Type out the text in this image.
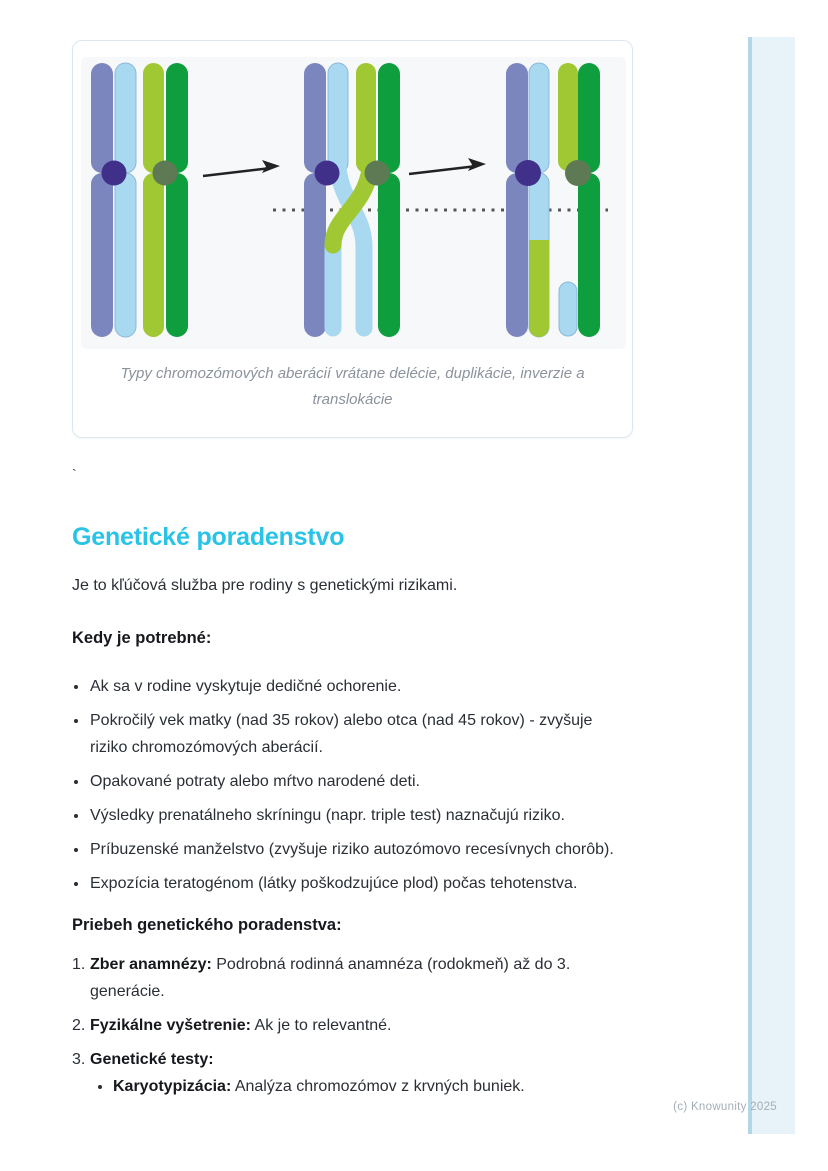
Typy chromozómových aberácií vrátane delécie, duplikácie, inverzie a translokácie
`
Genetické poradenstvo

Je to kľúčová služba pre rodiny s genetickými rizikami.

Kedy je potrebné:
• Ak sa v rodine vyskytuje dedičné ochorenie.
• Pokročilý vek matky (nad 35 rokov) alebo otca (nad 45 rokov) - zvyšuje
riziko chromozómových aberácií.
• Opakované potraty alebo mŕtvo narodené deti.
• Výsledky prenatálneho skríningu (napr. triple test) naznačujú riziko.
• Príbuzenské manželstvo (zvyšuje riziko autozómovo recesívnych chorôb).
• Expozícia teratogénom (látky poškodzujúce plod) počas tehotenstva.
Priebeh genetického poradenstva:
1. Zber anamnézy: Podrobná rodinná anamnéza (rodokmeň) až do 3.
generácie.
2. Fyzikálne vyšetrenie: Ak je to relevantné.
3. Genetické testy:
• Karyotypizácia: Analýza chromozómov z krvných buniek.
(c) Knowunity 2025
